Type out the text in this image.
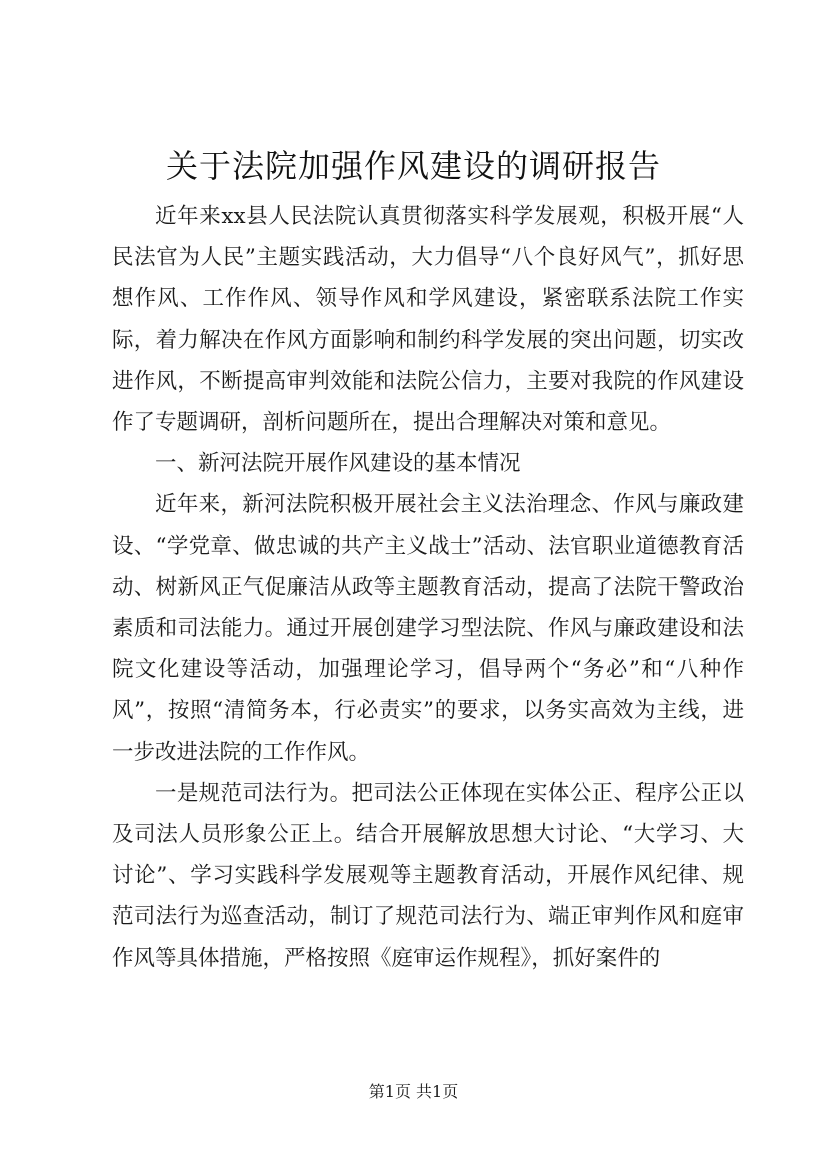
关于法院加强作风建设的调研报告

近年来xx县人民法院认真贯彻落实科学发展观，积极开展“人民法官为人民”主题实践活动，大力倡导“八个良好风气”，抓好思想作风、工作作风、领导作风和学风建设，紧密联系法院工作实际，着力解决在作风方面影响和制约科学发展的突出问题，切实改进作风，不断提高审判效能和法院公信力，主要对我院的作风建设作了专题调研，剖析问题所在，提出合理解决对策和意见。

一、新河法院开展作风建设的基本情况

近年来，新河法院积极开展社会主义法治理念、作风与廉政建设、“学党章、做忠诚的共产主义战士”活动、法官职业道德教育活动、树新风正气促廉洁从政等主题教育活动，提高了法院干警政治素质和司法能力。通过开展创建学习型法院、作风与廉政建设和法院文化建设等活动，加强理论学习，倡导两个“务必”和“八种作风”，按照“清简务本，行必责实”的要求，以务实高效为主线，进一步改进法院的工作作风。

一是规范司法行为。把司法公正体现在实体公正、程序公正以及司法人员形象公正上。结合开展解放思想大讨论、“大学习、大讨论”、学习实践科学发展观等主题教育活动，开展作风纪律、规范司法行为巡查活动，制订了规范司法行为、端正审判作风和庭审作风等具体措施，严格按照《庭审运作规程》，抓好案件的

第1页 共1页
